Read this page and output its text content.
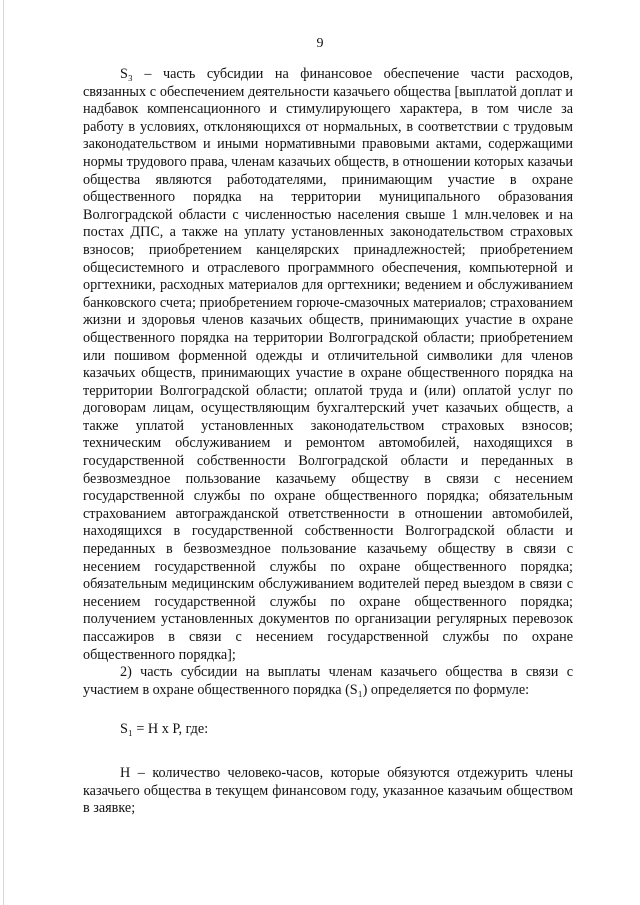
9

S₃ – часть субсидии на финансовое обеспечение части расходов, связанных с обеспечением деятельности казачьего общества [выплатой доплат и надбавок компенсационного и стимулирующего характера, в том числе за работу в условиях, отклоняющихся от нормальных, в соответствии с трудовым законодательством и иными нормативными правовыми актами, содержащими нормы трудового права, членам казачьих обществ, в отношении которых казачьи общества являются работодателями, принимающим участие в охране общественного порядка на территории муниципального образования Волгоградской области с численностью населения свыше 1 млн.человек и на постах ДПС, а также на уплату установленных законодательством страховых взносов; приобретением канцелярских принадлежностей; приобретением общесистемного и отраслевого программного обеспечения, компьютерной и оргтехники, расходных материалов для оргтехники; ведением и обслуживанием банковского счета; приобретением горюче-смазочных материалов; страхованием жизни и здоровья членов казачьих обществ, принимающих участие в охране общественного порядка на территории Волгоградской области; приобретением или пошивом форменной одежды и отличительной символики для членов казачьих обществ, принимающих участие в охране общественного порядка на территории Волгоградской области; оплатой труда и (или) оплатой услуг по договорам лицам, осуществляющим бухгалтерский учет казачьих обществ, а также уплатой установленных законодательством страховых взносов; техническим обслуживанием и ремонтом автомобилей, находящихся в государственной собственности Волгоградской области и переданных в безвозмездное пользование казачьему обществу в связи с несением государственной службы по охране общественного порядка; обязательным страхованием автогражданской ответственности в отношении автомобилей, находящихся в государственной собственности Волгоградской области и переданных в безвозмездное пользование казачьему обществу в связи с несением государственной службы по охране общественного порядка; обязательным медицинским обслуживанием водителей перед выездом в связи с несением государственной службы по охране общественного порядка; получением установленных документов по организации регулярных перевозок пассажиров в связи с несением государственной службы по охране общественного порядка];

2) часть субсидии на выплаты членам казачьего общества в связи с участием в охране общественного порядка (S₁) определяется по формуле:

S₁ = Н х Р, где:

Н – количество человеко-часов, которые обязуются отдежурить члены казачьего общества в текущем финансовом году, указанное казачьим обществом в заявке;
